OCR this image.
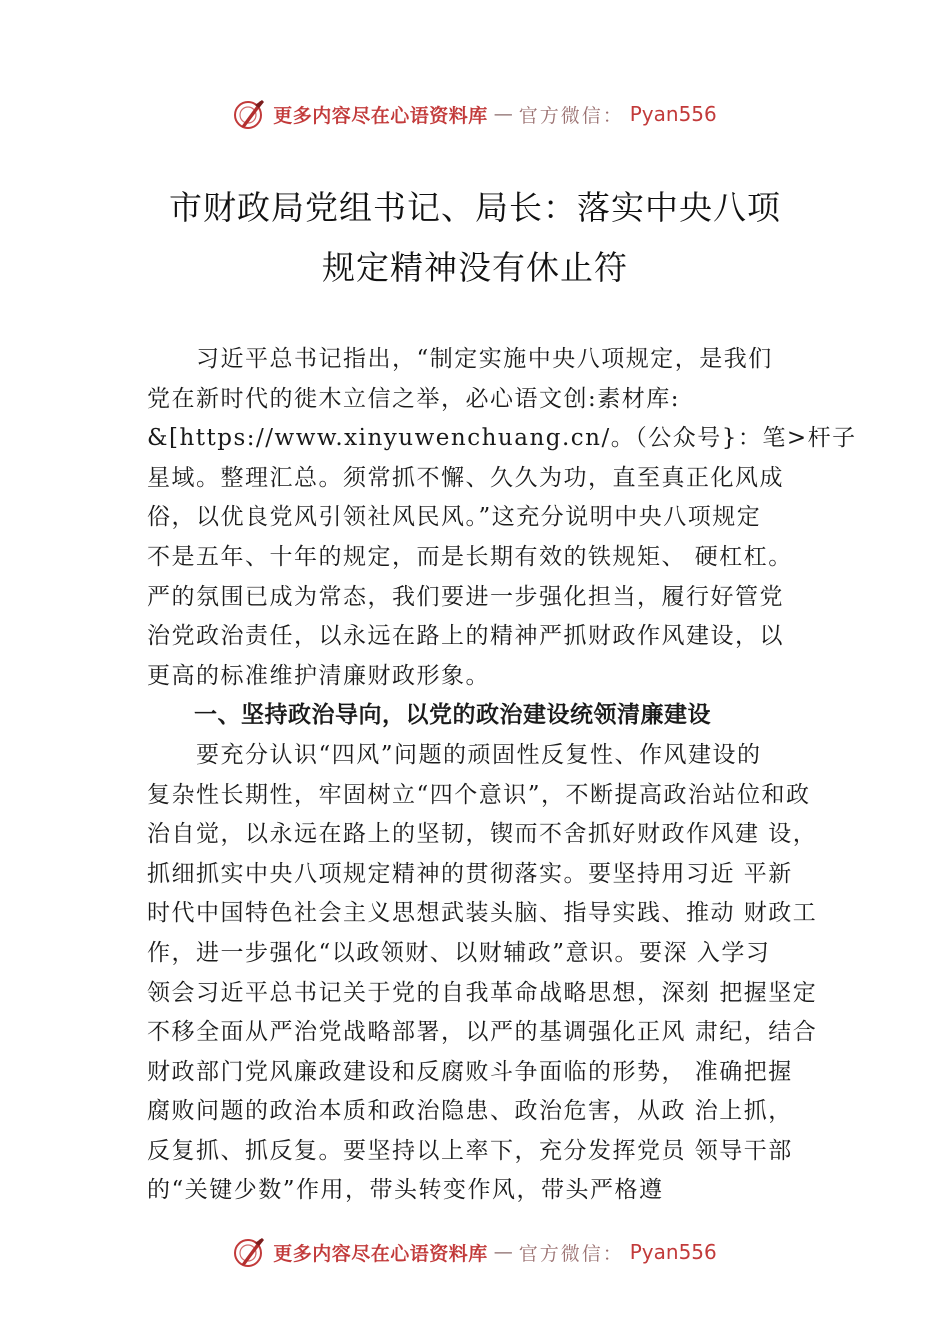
更多内容尽在心语资料库 — 官方微信： Pyan556
市财政局党组书记、局长：落实中央八项
规定精神没有休止符
　　习近平总书记指出，“制定实施中央八项规定，是我们
党在新时代的徙木立信之举，必心语文创:素材库:
&[https://www.xinyuwenchuang.cn/。（公众号}：笔>杆子
星域。整理汇总。须常抓不懈、久久为功，直至真正化风成
俗，以优良党风引领社风民风。”这充分说明中央八项规定
不是五年、十年的规定，而是长期有效的铁规矩、 硬杠杠。
严的氛围已成为常态，我们要进一步强化担当，履行好管党
治党政治责任，以永远在路上的精神严抓财政作风建设，以
更高的标准维护清廉财政形象。
　　一、坚持政治导向，以党的政治建设统领清廉建设
　　要充分认识“四风”问题的顽固性反复性、作风建设的
复杂性长期性，牢固树立“四个意识”，不断提高政治站位和政
治自觉，以永远在路上的坚韧，锲而不舍抓好财政作风建 设，
抓细抓实中央八项规定精神的贯彻落实。要坚持用习近 平新
时代中国特色社会主义思想武装头脑、指导实践、推动 财政工
作，进一步强化“以政领财、以财辅政”意识。要深 入学习
领会习近平总书记关于党的自我革命战略思想，深刻 把握坚定
不移全面从严治党战略部署，以严的基调强化正风 肃纪，结合
财政部门党风廉政建设和反腐败斗争面临的形势， 准确把握
腐败问题的政治本质和政治隐患、政治危害，从政 治上抓，
反复抓、抓反复。要坚持以上率下，充分发挥党员 领导干部
的“关键少数”作用，带头转变作风，带头严格遵
更多内容尽在心语资料库 — 官方微信： Pyan556
